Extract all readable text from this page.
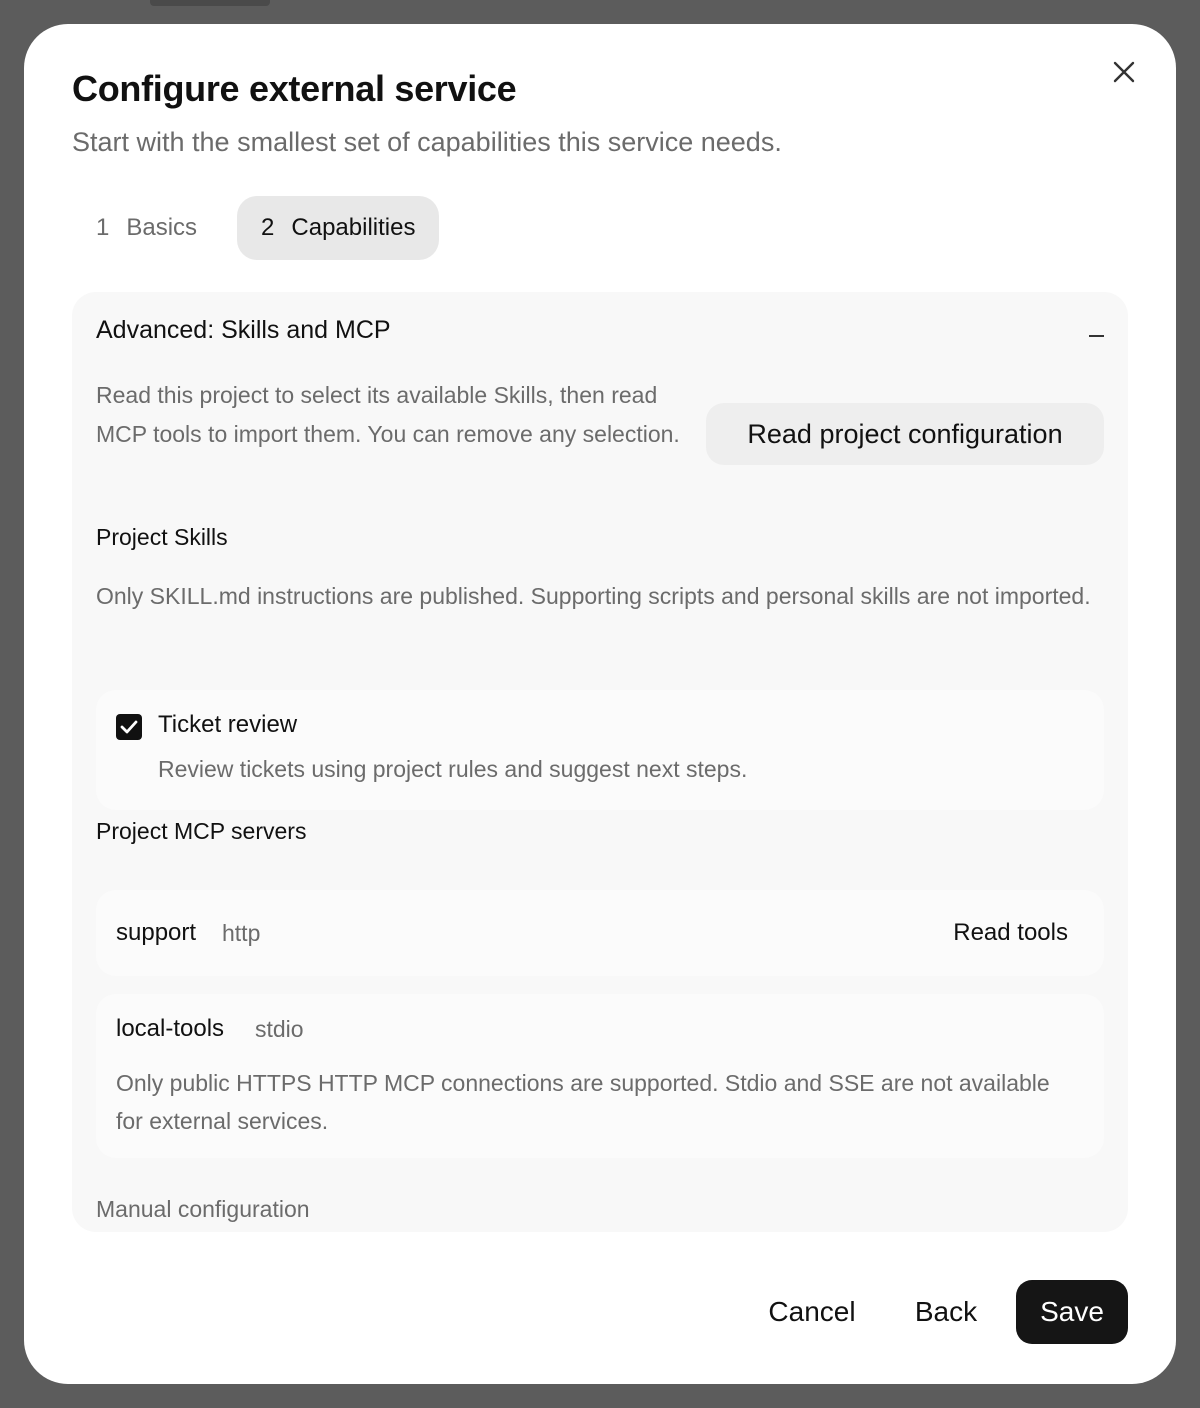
Configure external service

Start with the smallest set of capabilities this service needs.

1 Basics	2 Capabilities
Advanced: Skills and MCP
Read this project to select its available Skills, then read MCP tools to import them. You can remove any selection.	Read project configuration
Project Skills
Only SKILL.md instructions are published. Supporting scripts and personal skills are not imported.
Ticket review
Review tickets using project rules and suggest next steps.
Project MCP servers
support http	Read tools
local-tools stdio
Only public HTTPS HTTP MCP connections are supported. Stdio and SSE are not available for external services.
Manual configuration
Cancel	Back	Save
